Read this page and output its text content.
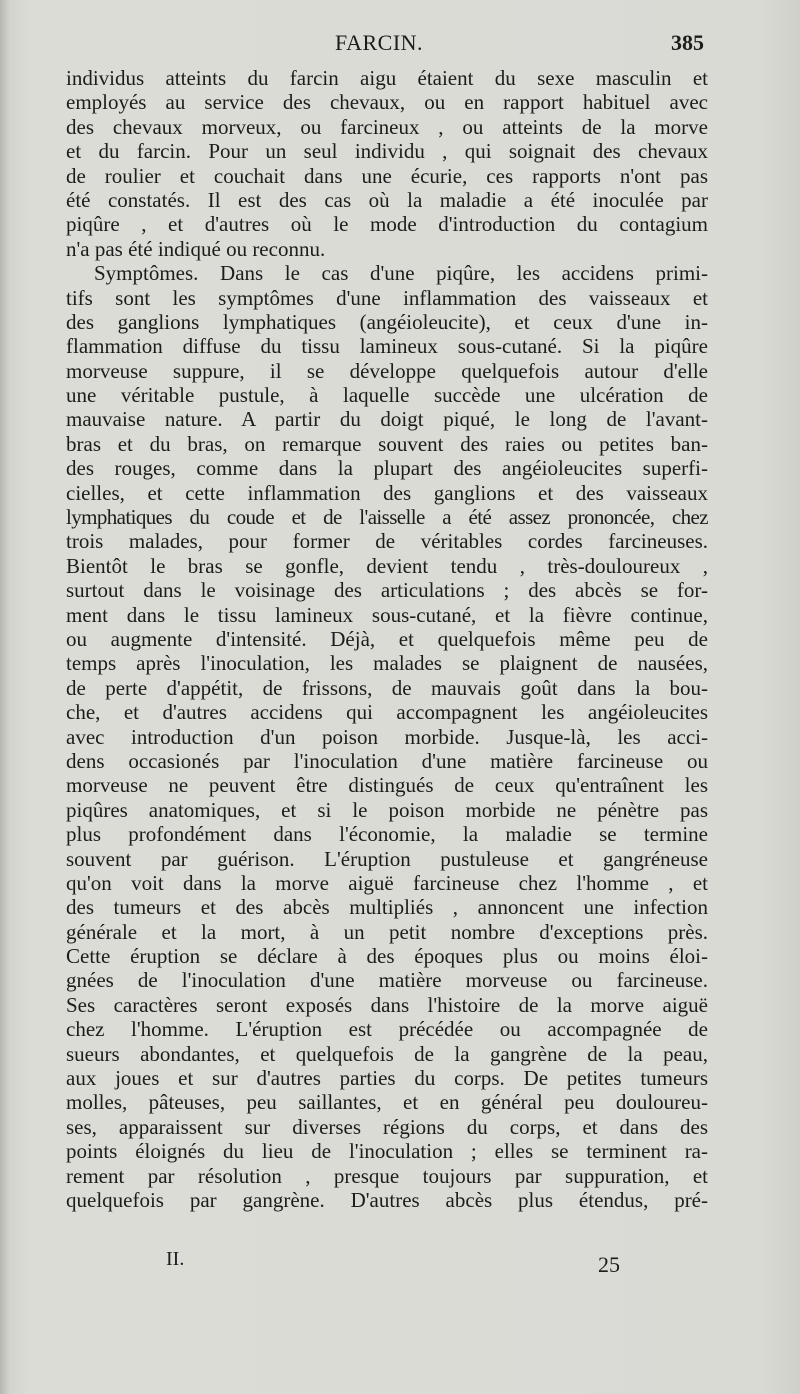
FARCIN.	385
individus atteints du farcin aigu étaient du sexe masculin et
employés au service des chevaux, ou en rapport habituel avec
des chevaux morveux, ou farcineux , ou atteints de la morve
et du farcin. Pour un seul individu , qui soignait des chevaux
de roulier et couchait dans une écurie, ces rapports n'ont pas
été constatés. Il est des cas où la maladie a été inoculée par
piqûre , et d'autres où le mode d'introduction du contagium
n'a pas été indiqué ou reconnu.
Symptômes. Dans le cas d'une piqûre, les accidens primi-
tifs sont les symptômes d'une inflammation des vaisseaux et
des ganglions lymphatiques (angéioleucite), et ceux d'une in-
flammation diffuse du tissu lamineux sous-cutané. Si la piqûre
morveuse suppure, il se développe quelquefois autour d'elle
une véritable pustule, à laquelle succède une ulcération de
mauvaise nature. A partir du doigt piqué, le long de l'avant-
bras et du bras, on remarque souvent des raies ou petites ban-
des rouges, comme dans la plupart des angéioleucites superfi-
cielles, et cette inflammation des ganglions et des vaisseaux
lymphatiques du coude et de l'aisselle a été assez prononcée, chez
trois malades, pour former de véritables cordes farcineuses.
Bientôt le bras se gonfle, devient tendu , très-douloureux ,
surtout dans le voisinage des articulations ; des abcès se for-
ment dans le tissu lamineux sous-cutané, et la fièvre continue,
ou augmente d'intensité. Déjà, et quelquefois même peu de
temps après l'inoculation, les malades se plaignent de nausées,
de perte d'appétit, de frissons, de mauvais goût dans la bou-
che, et d'autres accidens qui accompagnent les angéioleucites
avec introduction d'un poison morbide. Jusque-là, les acci-
dens occasionés par l'inoculation d'une matière farcineuse ou
morveuse ne peuvent être distingués de ceux qu'entraînent les
piqûres anatomiques, et si le poison morbide ne pénètre pas
plus profondément dans l'économie, la maladie se termine
souvent par guérison. L'éruption pustuleuse et gangréneuse
qu'on voit dans la morve aiguë farcineuse chez l'homme , et
des tumeurs et des abcès multipliés , annoncent une infection
générale et la mort, à un petit nombre d'exceptions près.
Cette éruption se déclare à des époques plus ou moins éloi-
gnées de l'inoculation d'une matière morveuse ou farcineuse.
Ses caractères seront exposés dans l'histoire de la morve aiguë
chez l'homme. L'éruption est précédée ou accompagnée de
sueurs abondantes, et quelquefois de la gangrène de la peau,
aux joues et sur d'autres parties du corps. De petites tumeurs
molles, pâteuses, peu saillantes, et en général peu douloureu-
ses, apparaissent sur diverses régions du corps, et dans des
points éloignés du lieu de l'inoculation ; elles se terminent ra-
rement par résolution , presque toujours par suppuration, et
quelquefois par gangrène. D'autres abcès plus étendus, pré-
II.	25
